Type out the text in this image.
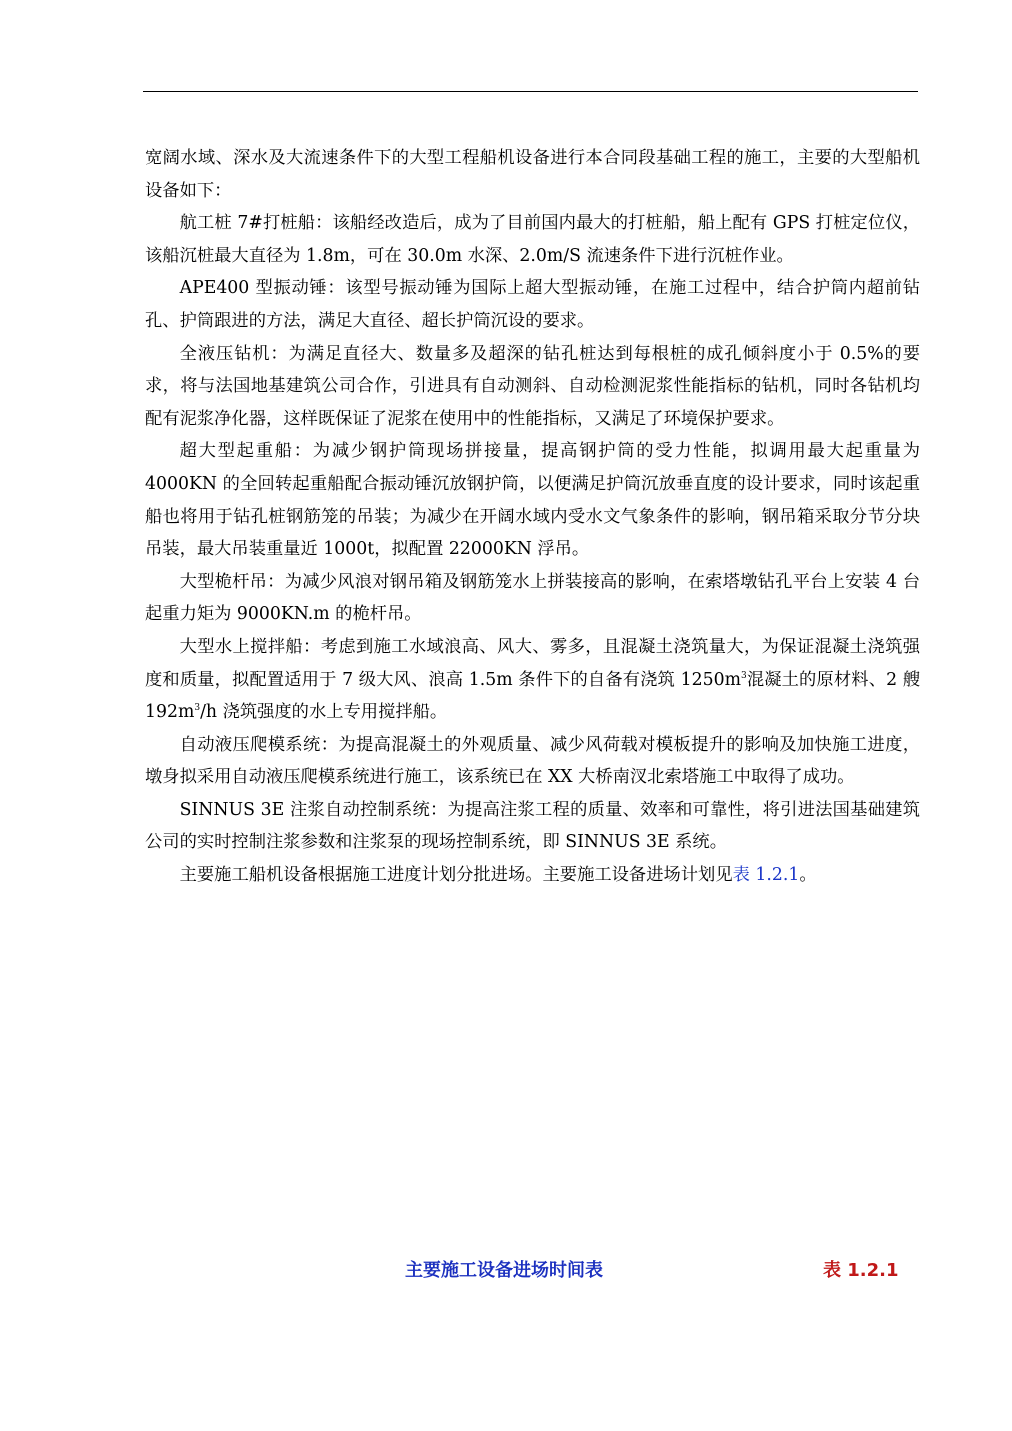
宽阔水域、深水及大流速条件下的大型工程船机设备进行本合同段基础工程的施工，主要的大型船机设备如下：

航工桩 7#打桩船：该船经改造后，成为了目前国内最大的打桩船，船上配有 GPS 打桩定位仪，该船沉桩最大直径为 1.8m，可在 30.0m 水深、2.0m/S 流速条件下进行沉桩作业。

APE400 型振动锤：该型号振动锤为国际上超大型振动锤，在施工过程中，结合护筒内超前钻孔、护筒跟进的方法，满足大直径、超长护筒沉设的要求。

全液压钻机：为满足直径大、数量多及超深的钻孔桩达到每根桩的成孔倾斜度小于 0.5%的要求，将与法国地基建筑公司合作，引进具有自动测斜、自动检测泥浆性能指标的钻机，同时各钻机均配有泥浆净化器，这样既保证了泥浆在使用中的性能指标，又满足了环境保护要求。

超大型起重船：为减少钢护筒现场拼接量，提高钢护筒的受力性能，拟调用最大起重量为 4000KN 的全回转起重船配合振动锤沉放钢护筒，以便满足护筒沉放垂直度的设计要求，同时该起重船也将用于钻孔桩钢筋笼的吊装；为减少在开阔水域内受水文气象条件的影响，钢吊箱采取分节分块吊装，最大吊装重量近 1000t，拟配置 22000KN 浮吊。

大型桅杆吊：为减少风浪对钢吊箱及钢筋笼水上拼装接高的影响，在索塔墩钻孔平台上安装 4 台起重力矩为 9000KN.m 的桅杆吊。

大型水上搅拌船：考虑到施工水域浪高、风大、雾多，且混凝土浇筑量大，为保证混凝土浇筑强度和质量，拟配置适用于 7 级大风、浪高 1.5m 条件下的自备有浇筑 $1250m^3$混凝土的原材料、2 艘 $192m^3/h$ 浇筑强度的水上专用搅拌船。

自动液压爬模系统：为提高混凝土的外观质量、减少风荷载对模板提升的影响及加快施工进度，墩身拟采用自动液压爬模系统进行施工，该系统已在 XX 大桥南汊北索塔施工中取得了成功。

SINNUS 3E 注浆自动控制系统：为提高注浆工程的质量、效率和可靠性，将引进法国基础建筑公司的实时控制注浆参数和注浆泵的现场控制系统，即 SINNUS 3E 系统。

主要施工船机设备根据施工进度计划分批进场。主要施工设备进场计划见表 1.2.1。

主要施工设备进场时间表	表 1.2.1
